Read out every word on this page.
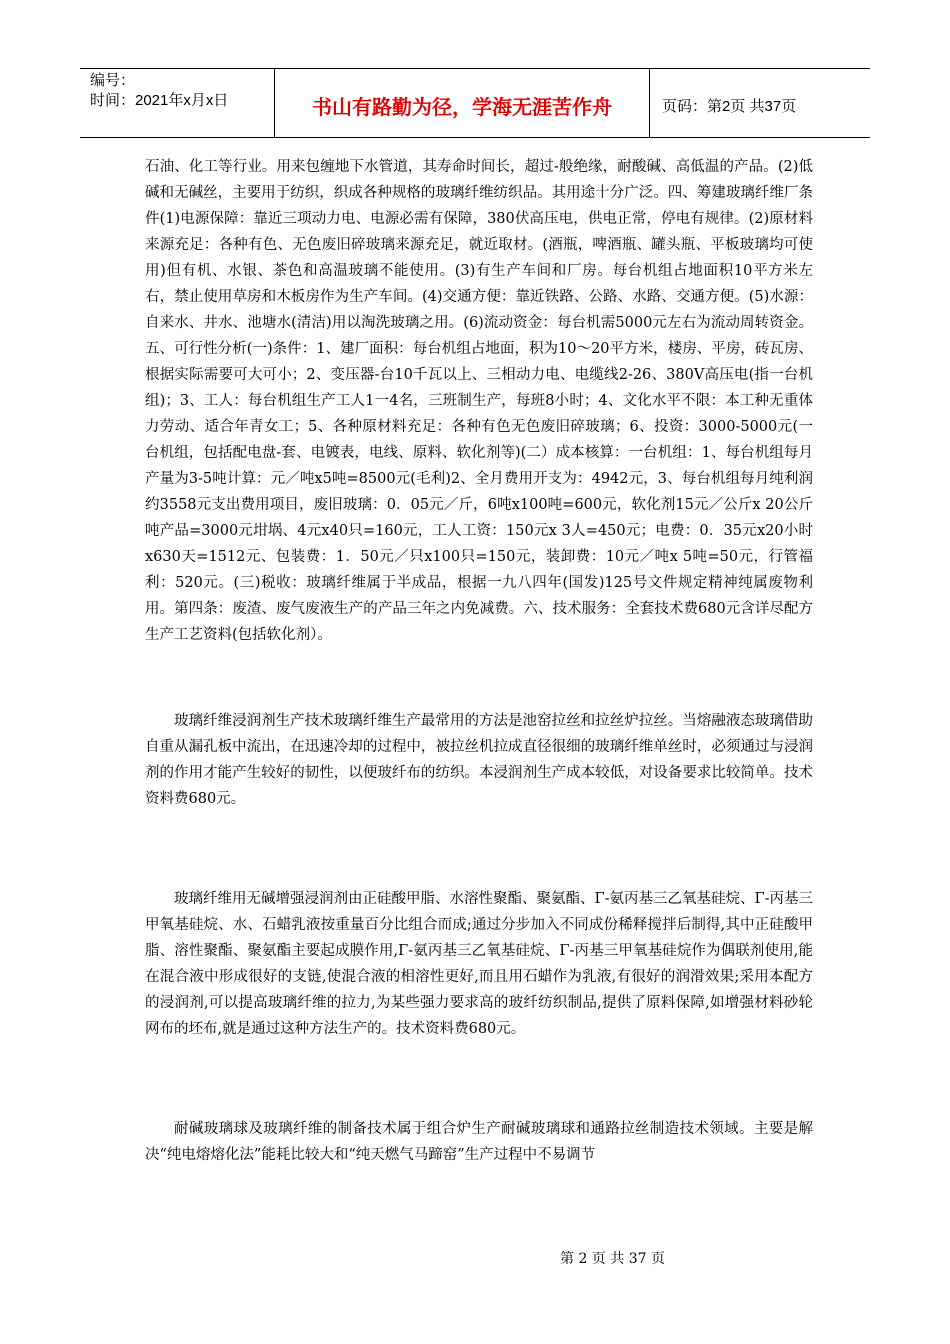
编号：
时间：2021年x月x日	书山有路勤为径，学海无涯苦作舟	页码：第2页 共37页

石油、化工等行业。用来包缠地下水管道，其寿命时间长，超过-般绝缘，耐酸碱、高低温的产品。(2)低碱和无碱丝，主要用于纺织，织成各种规格的玻璃纤维纺织品。其用途十分广泛。四、筹建玻璃纤维厂条件(1)电源保障：靠近三项动力电、电源必需有保障，380伏高压电，供电正常，停电有规律。(2)原材料来源充足：各种有色、无色废旧碎玻璃来源充足，就近取材。(酒瓶，啤酒瓶、罐头瓶、平板玻璃均可使用)但有机、水银、茶色和高温玻璃不能使用。(3)有生产车间和厂房。每台机组占地面积10平方米左右，禁止使用草房和木板房作为生产车间。(4)交通方便：靠近铁路、公路、水路、交通方便。(5)水源：自来水、井水、池塘水(清洁)用以淘洗玻璃之用。(6)流动资金：每台机需5000元左右为流动周转资金。五、可行性分析(一)条件：1、建厂面积：每台机组占地面，积为10～20平方米，楼房、平房，砖瓦房、根据实际需要可大可小；2、变压器-台10千瓦以上、三相动力电、电缆线2-26、380V高压电(指一台机组)；3、工人：每台机组生产工人1一4名，三班制生产，每班8小时；4、文化水平不限：本工种无重体力劳动、适合年青女工；5、各种原材料充足：各种有色无色废旧碎玻璃；6、投资：3000-5000元(一台机组，包括配电盘-套、电镀表，电线、原料、软化剂等)(二）成本核算：一台机组：1、每台机组每月产量为3-5吨计算：元／吨x5吨=8500元(毛利)2、全月费用开支为：4942元，3、每台机组每月纯利润约3558元支出费用项目，废旧玻璃：0．05元／斤，6吨x100吨=600元，软化剂15元／公斤x 20公斤吨产品=3000元坩埚、4元x40只=160元，工人工资：150元x 3人=450元；电费：0．35元x20小时x630天=1512元、包装费：1．50元／只x100只=150元，装卸费：10元／吨x 5吨=50元，行管福利：520元。(三)税收：玻璃纤维属于半成品，根据一九八四年(国发)125号文件规定精神纯属废物利用。第四条：废渣、废气废液生产的产品三年之内免减费。六、技术服务：全套技术费680元含详尽配方生产工艺资料(包括软化剂）。

玻璃纤维浸润剂生产技术玻璃纤维生产最常用的方法是池窑拉丝和拉丝炉拉丝。当熔融液态玻璃借助自重从漏孔板中流出，在迅速冷却的过程中，被拉丝机拉成直径很细的玻璃纤维单丝时，必须通过与浸润剂的作用才能产生较好的韧性，以便玻纤布的纺织。本浸润剂生产成本较低，对设备要求比较简单。技术资料费680元。

玻璃纤维用无碱增强浸润剂由正硅酸甲脂、水溶性聚酯、聚氨酯、Γ-氨丙基三乙氧基硅烷、Γ-丙基三甲氧基硅烷、水、石蜡乳液按重量百分比组合而成;通过分步加入不同成份稀释搅拌后制得,其中正硅酸甲脂、溶性聚酯、聚氨酯主要起成膜作用,Γ-氨丙基三乙氧基硅烷、Γ-丙基三甲氧基硅烷作为偶联剂使用,能在混合液中形成很好的支链,使混合液的相溶性更好,而且用石蜡作为乳液,有很好的润滑效果;采用本配方的浸润剂,可以提高玻璃纤维的拉力,为某些强力要求高的玻纤纺织制品,提供了原料保障,如增强材料砂轮网布的坯布,就是通过这种方法生产的。技术资料费680元。

耐碱玻璃球及玻璃纤维的制备技术属于组合炉生产耐碱玻璃球和通路拉丝制造技术领域。主要是解决“纯电熔熔化法”能耗比较大和“纯天燃气马蹄窑”生产过程中不易调节

第 2 页 共 37 页
